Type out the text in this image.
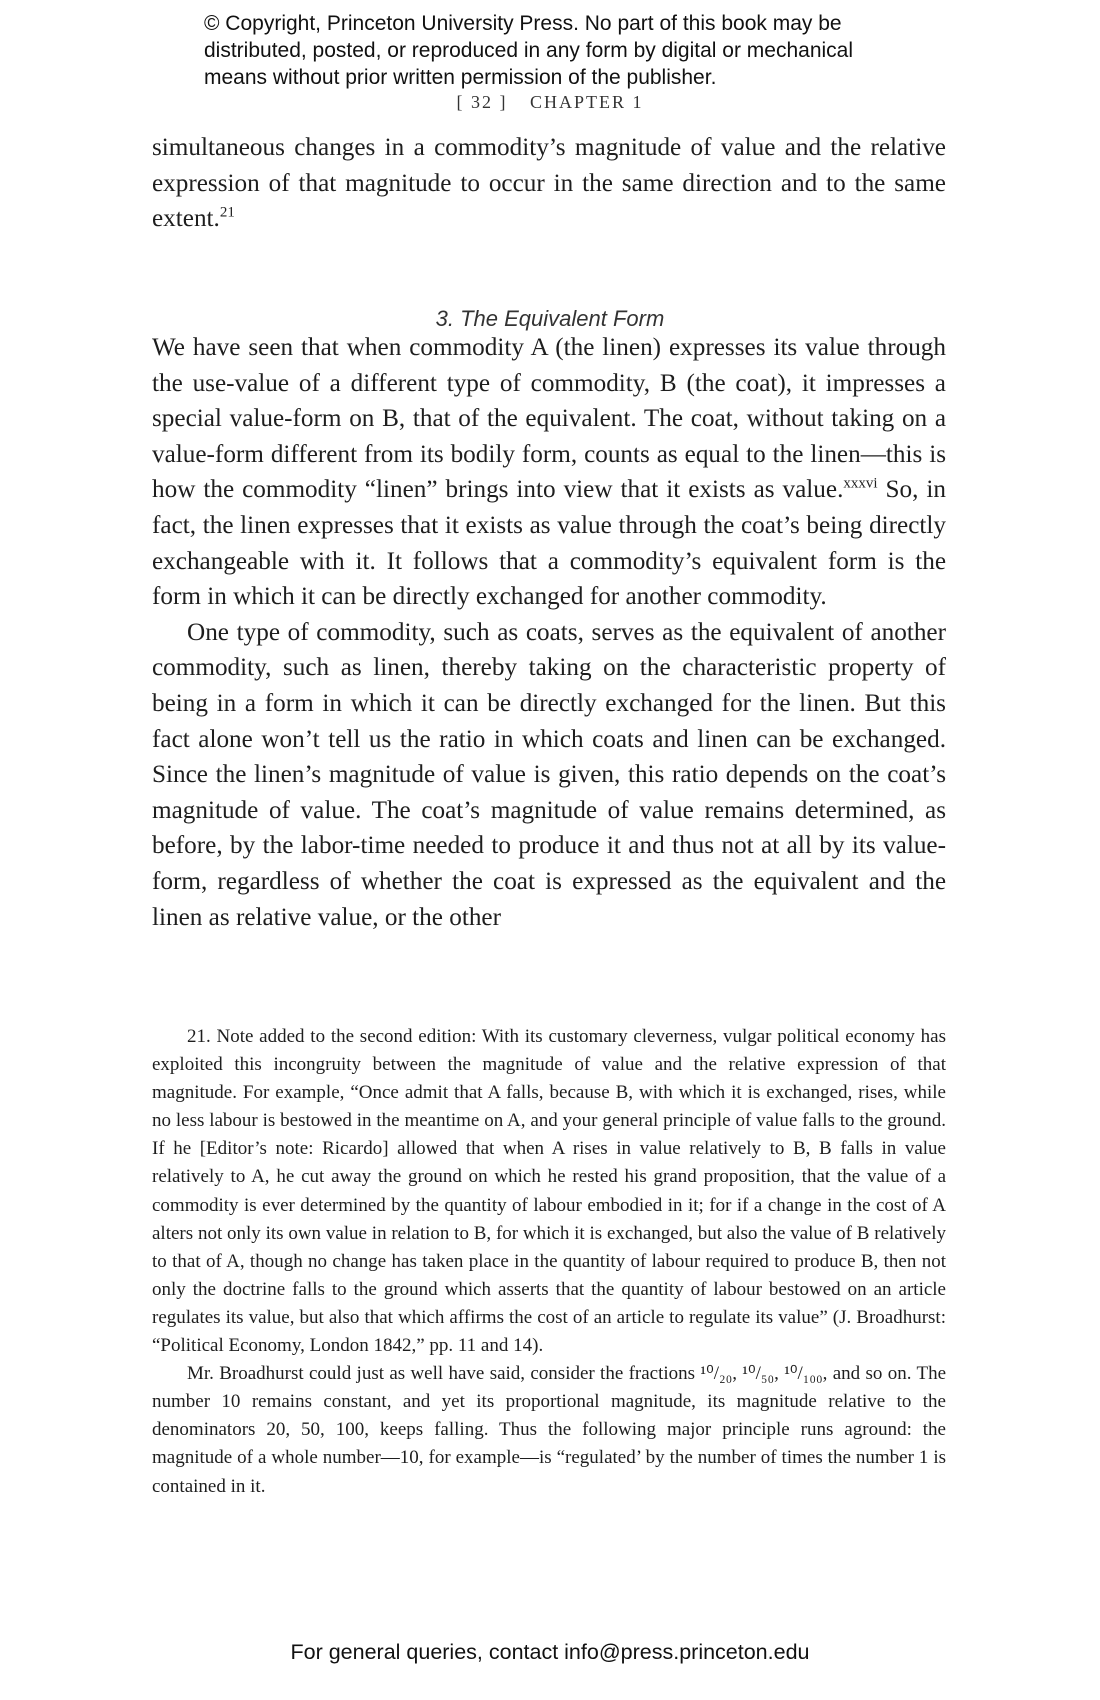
© Copyright, Princeton University Press. No part of this book may be
distributed, posted, or reproduced in any form by digital or mechanical
means without prior written permission of the publisher.
[ 32 ] CHAPTER 1

simultaneous changes in a commodity’s magnitude of value and the relative expression of that magnitude to occur in the same direction and to the same extent.$^{21}$

3. The Equivalent Form

We have seen that when commodity A (the linen) expresses its value through the use-value of a different type of commodity, B (the coat), it impresses a special value-form on B, that of the equivalent. The coat, without taking on a value-form different from its bodily form, counts as equal to the linen—this is how the commodity “linen” brings into view that it exists as value.$^{xxxvi}$ So, in fact, the linen expresses that it exists as value through the coat’s being directly exchangeable with it. It follows that a commodity’s equivalent form is the form in which it can be directly exchanged for another commodity.

One type of commodity, such as coats, serves as the equivalent of another commodity, such as linen, thereby taking on the characteristic property of being in a form in which it can be directly exchanged for the linen. But this fact alone won’t tell us the ratio in which coats and linen can be exchanged. Since the linen’s magnitude of value is given, this ratio depends on the coat’s magnitude of value. The coat’s magnitude of value remains determined, as before, by the labor-time needed to produce it and thus not at all by its value-form, regardless of whether the coat is expressed as the equivalent and the linen as relative value, or the other

21. Note added to the second edition: With its customary cleverness, vulgar political economy has exploited this incongruity between the magnitude of value and the relative expression of that magnitude. For example, “Once admit that A falls, because B, with which it is exchanged, rises, while no less labour is bestowed in the meantime on A, and your general principle of value falls to the ground. If he [Editor’s note: Ricardo] allowed that when A rises in value relatively to B, B falls in value relatively to A, he cut away the ground on which he rested his grand proposition, that the value of a commodity is ever determined by the quantity of labour embodied in it; for if a change in the cost of A alters not only its own value in relation to B, for which it is exchanged, but also the value of B relatively to that of A, though no change has taken place in the quantity of labour required to produce B, then not only the doctrine falls to the ground which asserts that the quantity of labour bestowed on an article regulates its value, but also that which affirms the cost of an article to regulate its value” (J. Broadhurst: “Political Economy, London 1842,” pp. 11 and 14).

Mr. Broadhurst could just as well have said, consider the fractions ¹⁰/₂₀, ¹⁰/₅₀, ¹⁰/₁₀₀, and so on. The number 10 remains constant, and yet its proportional magnitude, its magnitude relative to the denominators 20, 50, 100, keeps falling. Thus the following major principle runs aground: the magnitude of a whole number—10, for example—is “regulated’ by the number of times the number 1 is contained in it.

For general queries, contact info@press.princeton.edu
